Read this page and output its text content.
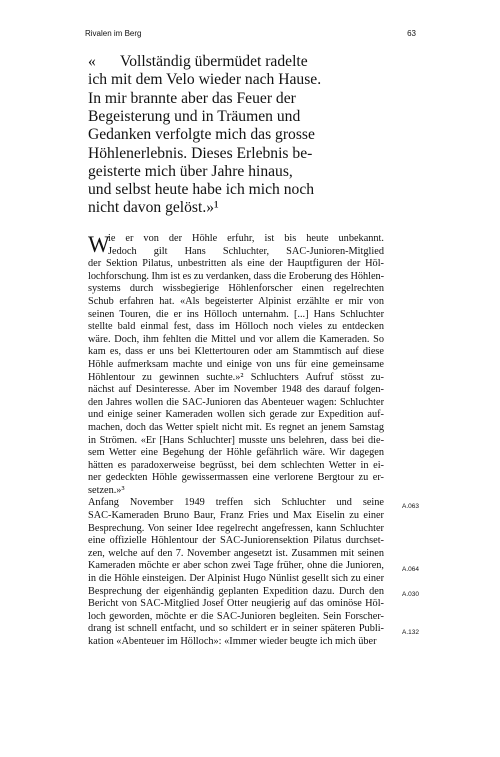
Rivalen im Berg	63
«	Vollständig übermüdet radelte
ich mit dem Velo wieder nach Hause.
In mir brannte aber das Feuer der
Begeisterung und in Träumen und
Gedanken verfolgte mich das grosse
Höhlenerlebnis. Dieses Erlebnis be-
geisterte mich über Jahre hinaus,
und selbst heute habe ich mich noch
nicht davon gelöst.»¹
W
ie er von der Höhle erfuhr, ist bis heute unbekannt.
Jedoch gilt Hans Schluchter, SAC-Junioren-Mitglied
der Sektion Pilatus, unbestritten als eine der Hauptfiguren der Höl-
lochforschung. Ihm ist es zu verdanken, dass die Eroberung des Höhlen-
systems durch wissbegierige Höhlenforscher einen regelrechten
Schub erfahren hat. «Als begeisterter Alpinist erzählte er mir von
seinen Touren, die er ins Hölloch unternahm. [...] Hans Schluchter
stellte bald einmal fest, dass im Hölloch noch vieles zu entdecken
wäre. Doch, ihm fehlten die Mittel und vor allem die Kameraden. So
kam es, dass er uns bei Klettertouren oder am Stammtisch auf diese
Höhle aufmerksam machte und einige von uns für eine gemeinsame
Höhlentour zu gewinnen suchte.»² Schluchters Aufruf stösst zu-
nächst auf Desinteresse. Aber im November 1948 des darauf folgen-
den Jahres wollen die SAC-Junioren das Abenteuer wagen: Schluchter
und einige seiner Kameraden wollen sich gerade zur Expedition auf-
machen, doch das Wetter spielt nicht mit. Es regnet an jenem Samstag
in Strömen. «Er [Hans Schluchter] musste uns belehren, dass bei die-
sem Wetter eine Begehung der Höhle gefährlich wäre. Wir dagegen
hätten es paradoxerweise begrüsst, bei dem schlechten Wetter in ei-
ner gedeckten Höhle gewissermassen eine verlorene Bergtour zu er-
setzen.»³
Anfang November 1949 treffen sich Schluchter und seine
SAC-Kameraden Bruno Baur, Franz Fries und Max Eiselin zu einer
Besprechung. Von seiner Idee regelrecht angefressen, kann Schluchter
eine offizielle Höhlentour der SAC-Juniorensektion Pilatus durchset-
zen, welche auf den 7. November angesetzt ist. Zusammen mit seinen
Kameraden möchte er aber schon zwei Tage früher, ohne die Junioren,
in die Höhle einsteigen. Der Alpinist Hugo Nünlist gesellt sich zu einer
Besprechung der eigenhändig geplanten Expedition dazu. Durch den
Bericht von SAC-Mitglied Josef Otter neugierig auf das ominöse Höl-
loch geworden, möchte er die SAC-Junioren begleiten. Sein Forscher-
drang ist schnell entfacht, und so schildert er in seiner späteren Publi-
kation «Abenteuer im Hölloch»: «Immer wieder beugte ich mich über
A.063
A.064
A.030
A.132
